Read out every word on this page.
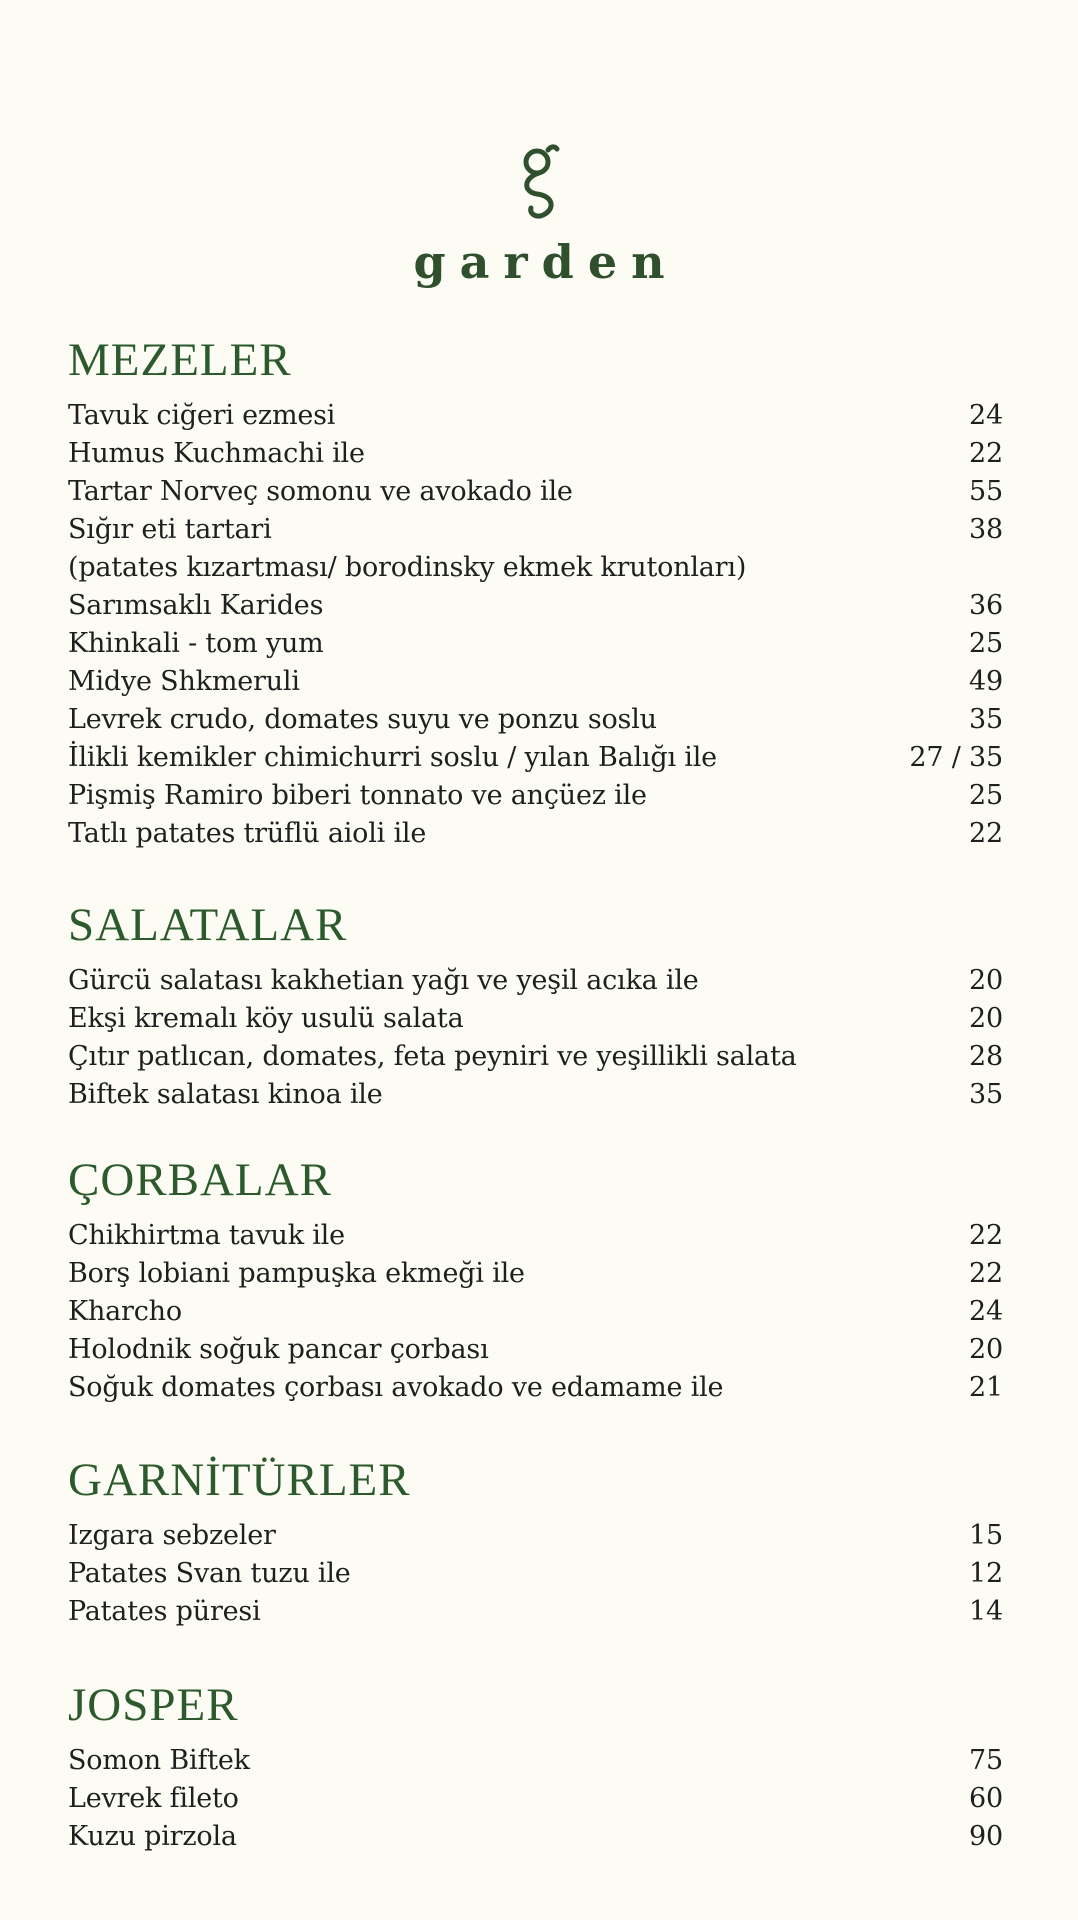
garden
MEZELER
Tavuk ciğeri ezmesi	24
Humus Kuchmachi ile	22
Tartar Norveç somonu ve avokado ile	55
Sığır eti tartari	38
(patates kızartması/ borodinsky ekmek krutonları)
Sarımsaklı Karides	36
Khinkali - tom yum	25
Midye Shkmeruli	49
Levrek crudo, domates suyu ve ponzu soslu	35
İlikli kemikler chimichurri soslu / yılan Balığı ile	27 / 35
Pişmiş Ramiro biberi tonnato ve ançüez ile	25
Tatlı patates trüflü aioli ile	22
SALATALAR
Gürcü salatası kakhetian yağı ve yeşil acıka ile	20
Ekşi kremalı köy usulü salata	20
Çıtır patlıcan, domates, feta peyniri ve yeşillikli salata	28
Biftek salatası kinoa ile	35
ÇORBALAR
Chikhirtma tavuk ile	22
Borş lobiani pampuşka ekmeği ile	22
Kharcho	24
Holodnik soğuk pancar çorbası	20
Soğuk domates çorbası avokado ve edamame ile	21
GARNİTÜRLER
Izgara sebzeler	15
Patates Svan tuzu ile	12
Patates püresi	14
JOSPER
Somon Biftek	75
Levrek fileto	60
Kuzu pirzola	90
